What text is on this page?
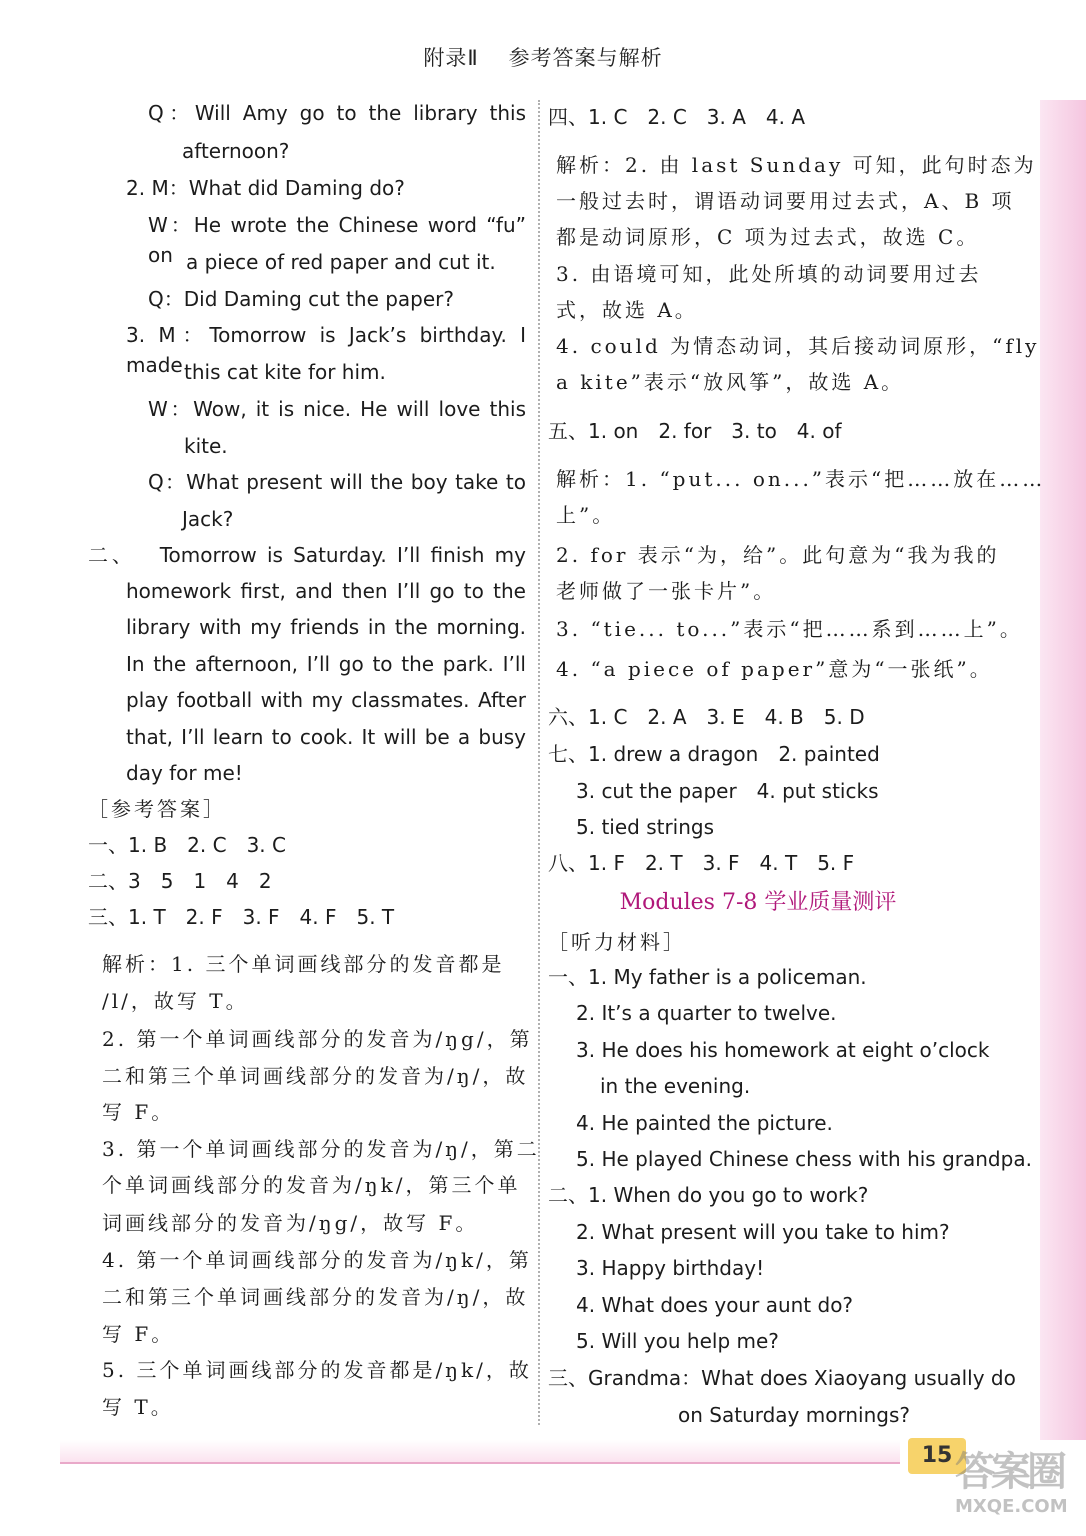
附录Ⅱ 参考答案与解析
Q：Will Amy go to the library this
afternoon?
2. M：What did Daming do?
W：He wrote the Chinese word “fu” on a piece of red paper and cut it.
Q：Did Daming cut the paper?
3. M：Tomorrow is Jack’s birthday. I made this cat kite for him.
W：Wow, it is nice. He will love this
kite.
Q：What present will the boy take to
Jack?
二、　 Tomorrow is Saturday. I’ll finish my
homework first, and then I’ll go to the
library with my friends in the morning.
In the afternoon, I’ll go to the park. I’ll
play football with my classmates. After
that, I’ll learn to cook. It will be a busy
day for me!
［参考答案］
一、1. B　2. C　3. C
二、3　5　1　4　2
三、1. T　2. F　3. F　4. F　5. T
解析：1. 三个单词画线部分的发音都是
/l/，故写 T。
2. 第一个单词画线部分的发音为/ŋg/，第
二和第三个单词画线部分的发音为/ŋ/，故
写 F。
3. 第一个单词画线部分的发音为/ŋ/，第二
个单词画线部分的发音为/ŋk/，第三个单
词画线部分的发音为/ŋg/，故写 F。
4. 第一个单词画线部分的发音为/ŋk/，第
二和第三个单词画线部分的发音为/ŋ/，故
写 F。
5. 三个单词画线部分的发音都是/ŋk/，故
写 T。
四、1. C　2. C　3. A　4. A
解析：2. 由 last Sunday 可知，此句时态为
一般过去时，谓语动词要用过去式，A、B 项
都是动词原形，C 项为过去式，故选 C。
3. 由语境可知，此处所填的动词要用过去
式，故选 A。
4. could 为情态动词，其后接动词原形，“fly
a kite”表示“放风筝”，故选 A。
五、1. on　2. for　3. to　4. of
解析：1. “put... on...”表示“把……放在……
上”。
2. for 表示“为，给”。此句意为“我为我的
老师做了一张卡片”。
3. “tie... to...”表示“把……系到……上”。
4. “a piece of paper”意为“一张纸”。
六、1. C　2. A　3. E　4. B　5. D
七、1. drew a dragon　2. painted
3. cut the paper　4. put sticks
5. tied strings
八、1. F　2. T　3. F　4. T　5. F
［听力材料］
一、1. My father is a policeman.
2. It’s a quarter to twelve.
3. He does his homework at eight o’clock
in the evening.
4. He painted the picture.
5. He played Chinese chess with his grandpa.
二、1. When do you go to work?
2. What present will you take to him?
3. Happy birthday!
4. What does your aunt do?
5. Will you help me?
三、Grandma：What does Xiaoyang usually do
on Saturday mornings?
Modules 7-8 学业质量测评
15 答案圈
MXQE.COM
